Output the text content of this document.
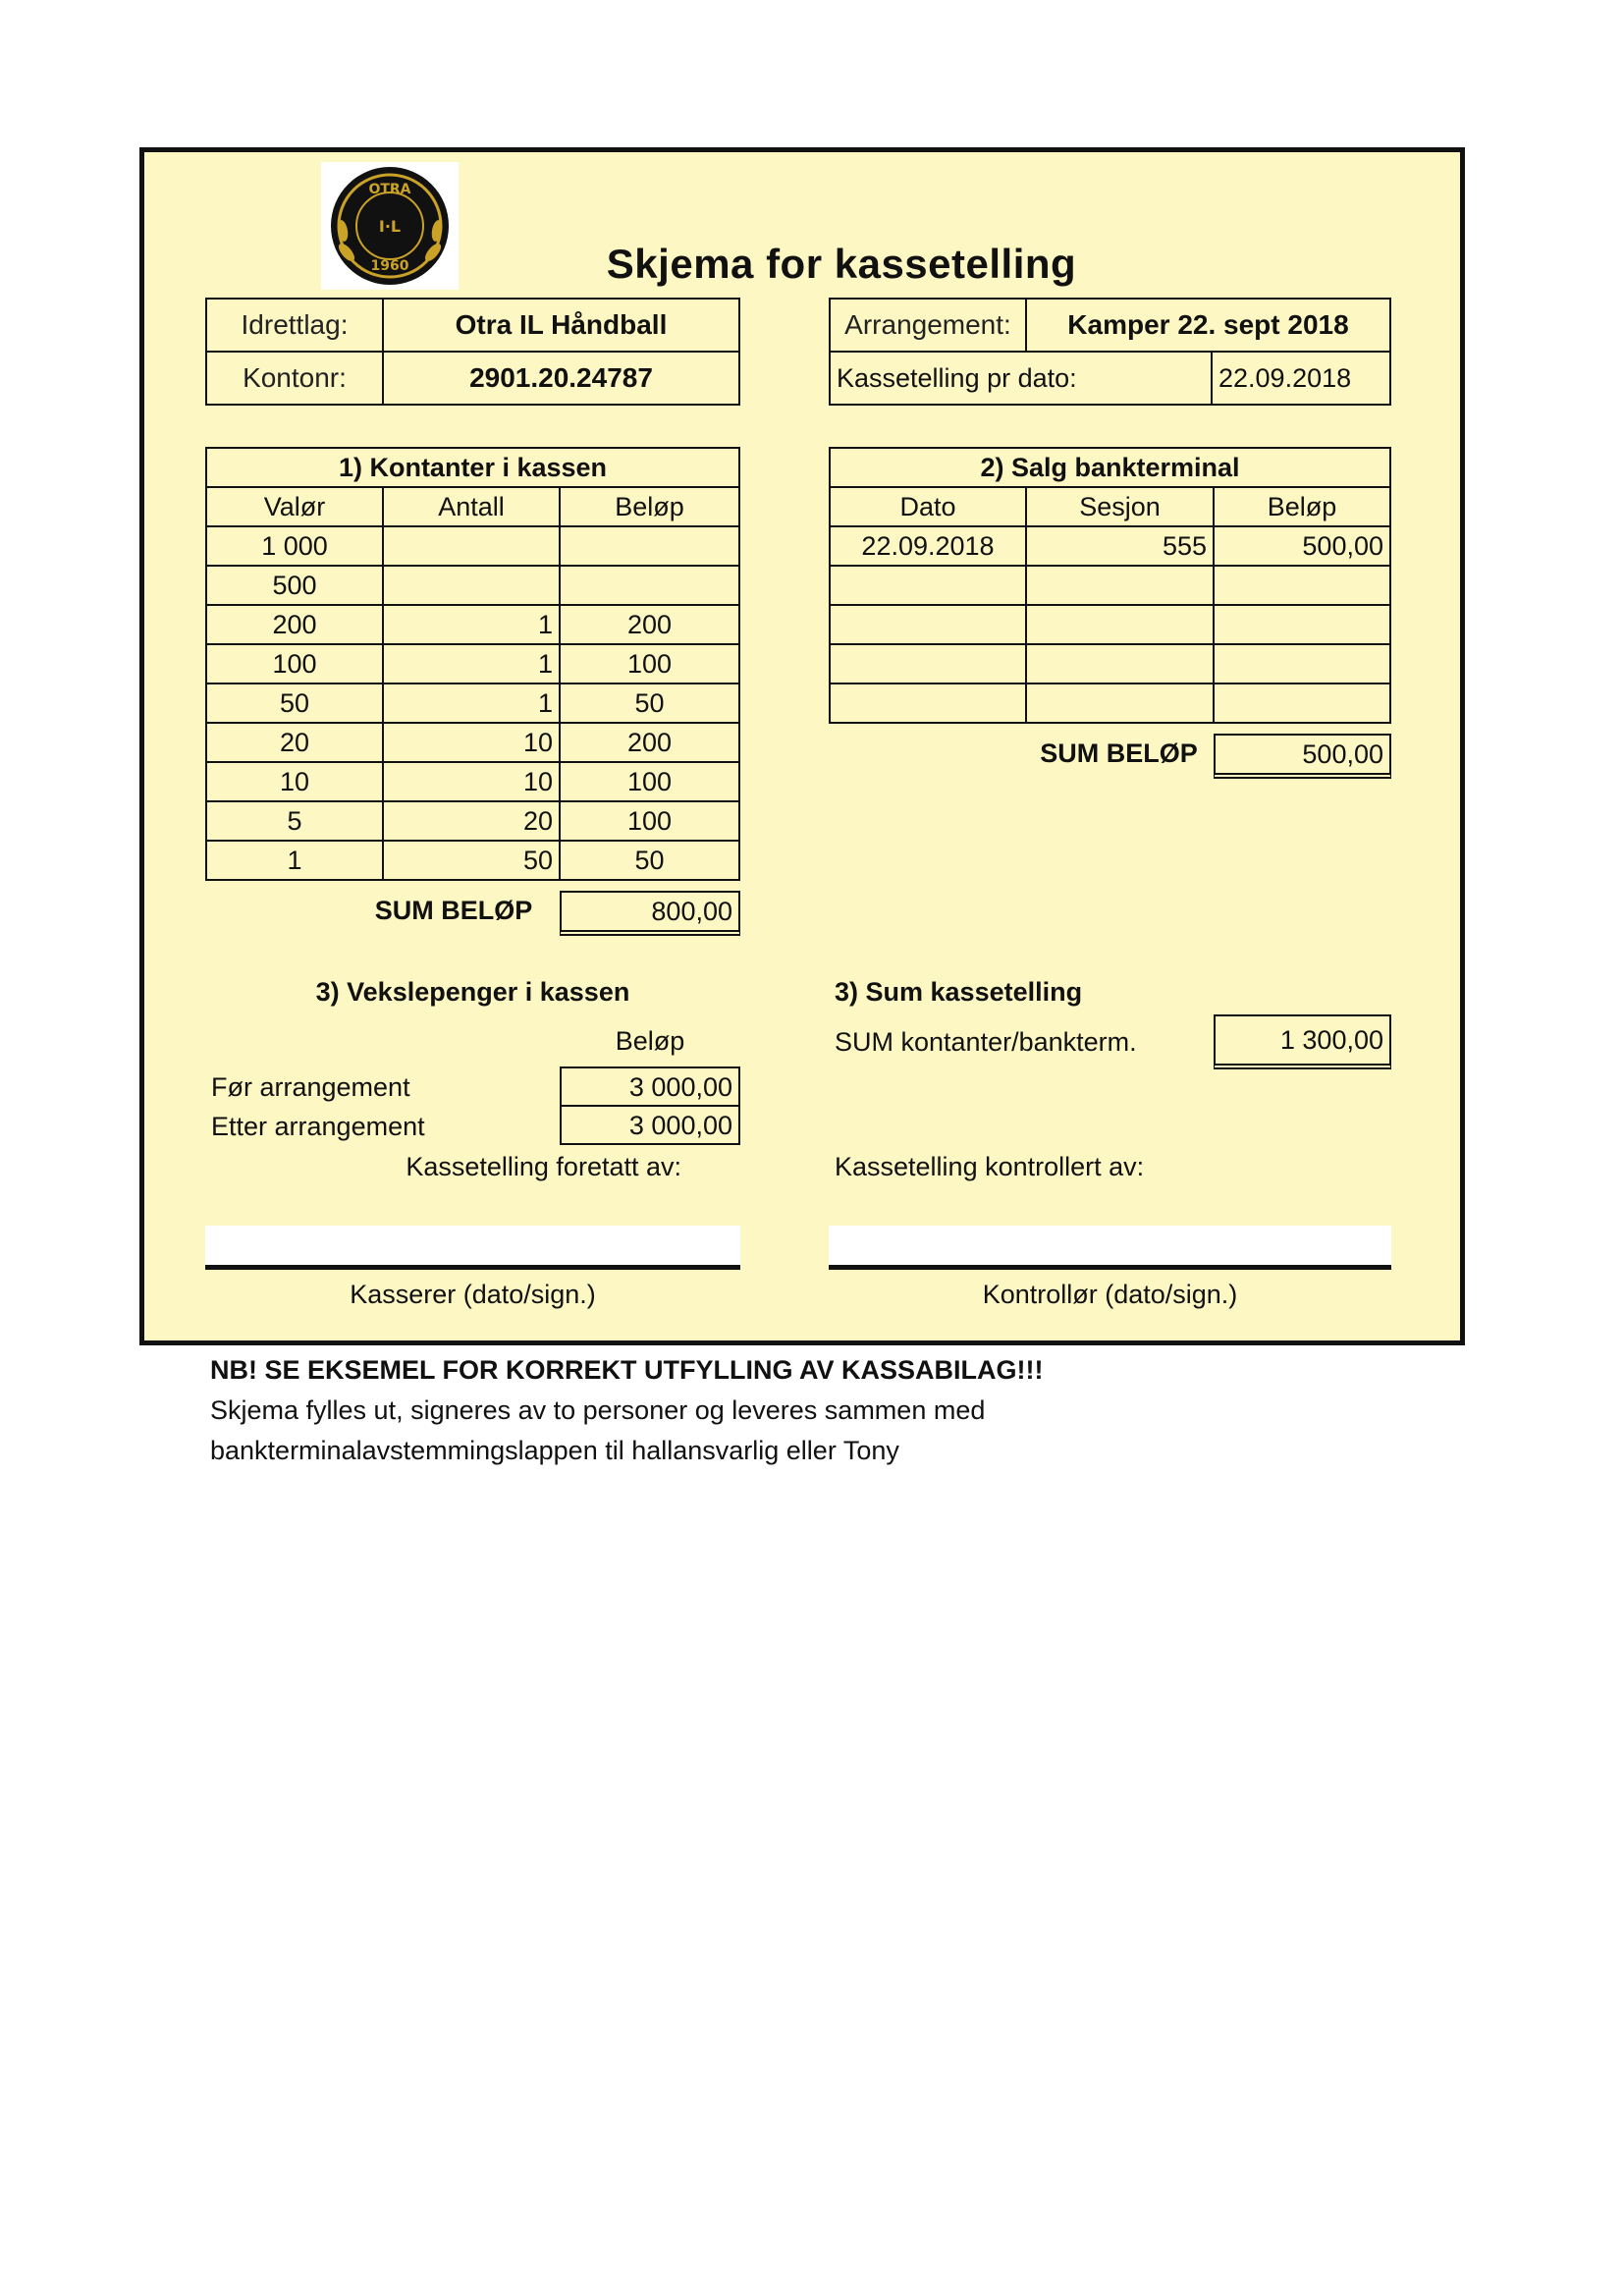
OTRA
I·L
1960	Skjema for kassetelling
Idrettlag:	Otra IL Håndball
Kontonr:	2901.20.24787
Arrangement:	Kamper 22. sept 2018	
Kassetelling pr dato:		22.09.2018
1) Kontanter i kassen		
Valør	Antall	Beløp
1 000		
500		
200	1	200
100	1	100
50	1	50
20	10	200
10	10	100
5	20	100
1	50	50
SUM BELØP	800,00
2) Salg bankterminal		
Dato	Sesjon	Beløp
22.09.2018	555	500,00

SUM BELØP	500,00
3) Vekslepenger i kassen
Beløp
Før arrangement	3 000,00
Etter arrangement	3 000,00
Kassetelling foretatt av:
3) Sum kassetelling
SUM kontanter/bankterm.	1 300,00
Kassetelling kontrollert av:
Kasserer (dato/sign.)	Kontrollør (dato/sign.)
NB! SE EKSEMEL FOR KORREKT UTFYLLING AV KASSABILAG!!!
Skjema fylles ut, signeres av to personer og leveres sammen med
bankterminalavstemmingslappen til hallansvarlig eller Tony
